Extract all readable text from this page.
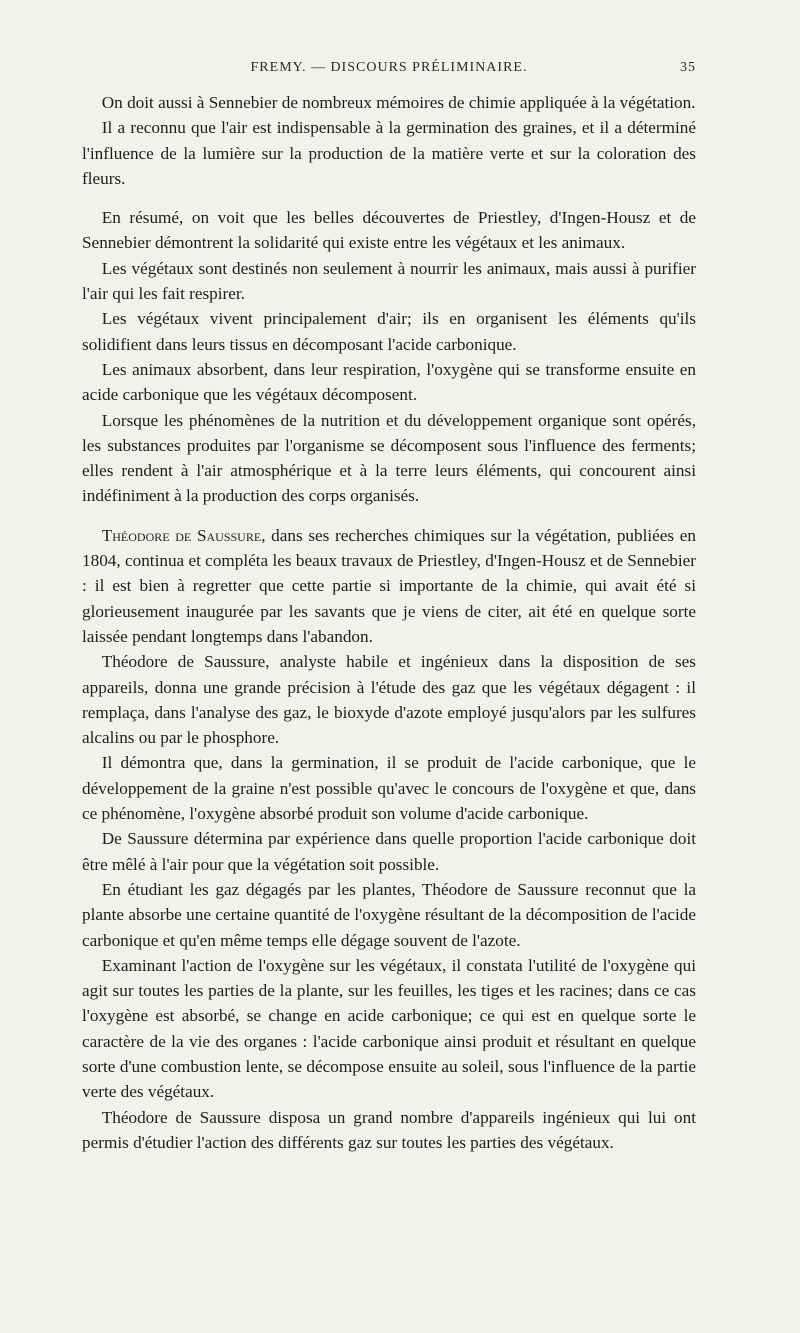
FREMY. — DISCOURS PRÉLIMINAIRE.	35

On doit aussi à Sennebier de nombreux mémoires de chimie appliquée à la végétation.

Il a reconnu que l'air est indispensable à la germination des graines, et il a déterminé l'influence de la lumière sur la production de la matière verte et sur la coloration des fleurs.

En résumé, on voit que les belles découvertes de Priestley, d'Ingen-Housz et de Sennebier démontrent la solidarité qui existe entre les végétaux et les animaux.

Les végétaux sont destinés non seulement à nourrir les animaux, mais aussi à purifier l'air qui les fait respirer.

Les végétaux vivent principalement d'air; ils en organisent les éléments qu'ils solidifient dans leurs tissus en décomposant l'acide carbonique.

Les animaux absorbent, dans leur respiration, l'oxygène qui se transforme ensuite en acide carbonique que les végétaux décomposent.

Lorsque les phénomènes de la nutrition et du développement organique sont opérés, les substances produites par l'organisme se décomposent sous l'influence des ferments; elles rendent à l'air atmosphérique et à la terre leurs éléments, qui concourent ainsi indéfiniment à la production des corps organisés.

Théodore de Saussure, dans ses recherches chimiques sur la végétation, publiées en 1804, continua et compléta les beaux travaux de Priestley, d'Ingen-Housz et de Sennebier : il est bien à regretter que cette partie si importante de la chimie, qui avait été si glorieusement inaugurée par les savants que je viens de citer, ait été en quelque sorte laissée pendant longtemps dans l'abandon.

Théodore de Saussure, analyste habile et ingénieux dans la disposition de ses appareils, donna une grande précision à l'étude des gaz que les végétaux dégagent : il remplaça, dans l'analyse des gaz, le bioxyde d'azote employé jusqu'alors par les sulfures alcalins ou par le phosphore.

Il démontra que, dans la germination, il se produit de l'acide carbonique, que le développement de la graine n'est possible qu'avec le concours de l'oxygène et que, dans ce phénomène, l'oxygène absorbé produit son volume d'acide carbonique.

De Saussure détermina par expérience dans quelle proportion l'acide carbonique doit être mêlé à l'air pour que la végétation soit possible.

En étudiant les gaz dégagés par les plantes, Théodore de Saussure reconnut que la plante absorbe une certaine quantité de l'oxygène résultant de la décomposition de l'acide carbonique et qu'en même temps elle dégage souvent de l'azote.

Examinant l'action de l'oxygène sur les végétaux, il constata l'utilité de l'oxygène qui agit sur toutes les parties de la plante, sur les feuilles, les tiges et les racines; dans ce cas l'oxygène est absorbé, se change en acide carbonique; ce qui est en quelque sorte le caractère de la vie des organes : l'acide carbonique ainsi produit et résultant en quelque sorte d'une combustion lente, se décompose ensuite au soleil, sous l'influence de la partie verte des végétaux.

Théodore de Saussure disposa un grand nombre d'appareils ingénieux qui lui ont permis d'étudier l'action des différents gaz sur toutes les parties des végétaux.
